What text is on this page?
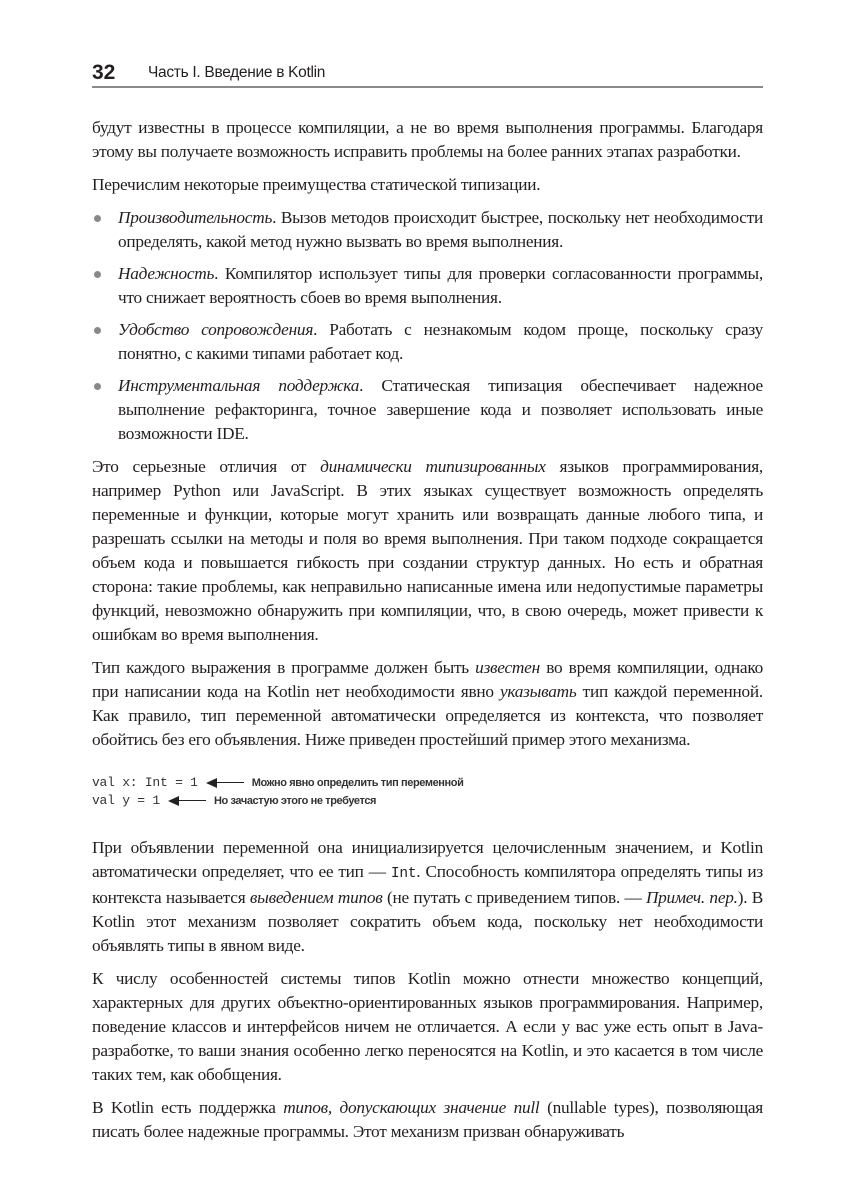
32	Часть I. Введение в Kotlin

будут известны в процессе компиляции, а не во время выполнения программы. Благодаря этому вы получаете возможность исправить проблемы на более ранних этапах разработки.

Перечислим некоторые преимущества статической типизации.

Производительность. Вызов методов происходит быстрее, поскольку нет необходимости определять, какой метод нужно вызвать во время выполнения.
Надежность. Компилятор использует типы для проверки согласованности программы, что снижает вероятность сбоев во время выполнения.
Удобство сопровождения. Работать с незнакомым кодом проще, поскольку сразу понятно, с какими типами работает код.
Инструментальная поддержка. Статическая типизация обеспечивает надежное выполнение рефакторинга, точное завершение кода и позволяет использовать иные возможности IDE.

Это серьезные отличия от динамически типизированных языков программирования, например Python или JavaScript. В этих языках существует возможность определять переменные и функции, которые могут хранить или возвращать данные любого типа, и разрешать ссылки на методы и поля во время выполнения. При таком подходе сокращается объем кода и повышается гибкость при создании структур данных. Но есть и обратная сторона: такие проблемы, как неправильно написанные имена или недопустимые параметры функций, невозможно обнаружить при компиляции, что, в свою очередь, может привести к ошибкам во время выполнения.

Тип каждого выражения в программе должен быть известен во время компиляции, однако при написании кода на Kotlin нет необходимости явно указывать тип каждой переменной. Как правило, тип переменной автоматически определяется из контекста, что позволяет обойтись без его объявления. Ниже приведен простейший пример этого механизма.

val x: Int = 1	Можно явно определить тип переменной
val y = 1	Но зачастую этого не требуется

При объявлении переменной она инициализируется целочисленным значением, и Kotlin автоматически определяет, что ее тип — Int. Способность компилятора определять типы из контекста называется выведением типов (не путать с приведением типов. — Примеч. пер.). В Kotlin этот механизм позволяет сократить объем кода, поскольку нет необходимости объявлять типы в явном виде.

К числу особенностей системы типов Kotlin можно отнести множество концепций, характерных для других объектно-ориентированных языков программирования. Например, поведение классов и интерфейсов ничем не отличается. А если у вас уже есть опыт в Java-разработке, то ваши знания особенно легко переносятся на Kotlin, и это касается в том числе таких тем, как обобщения.

В Kotlin есть поддержка типов, допускающих значение null (nullable types), позволяющая писать более надежные программы. Этот механизм призван обнаруживать
